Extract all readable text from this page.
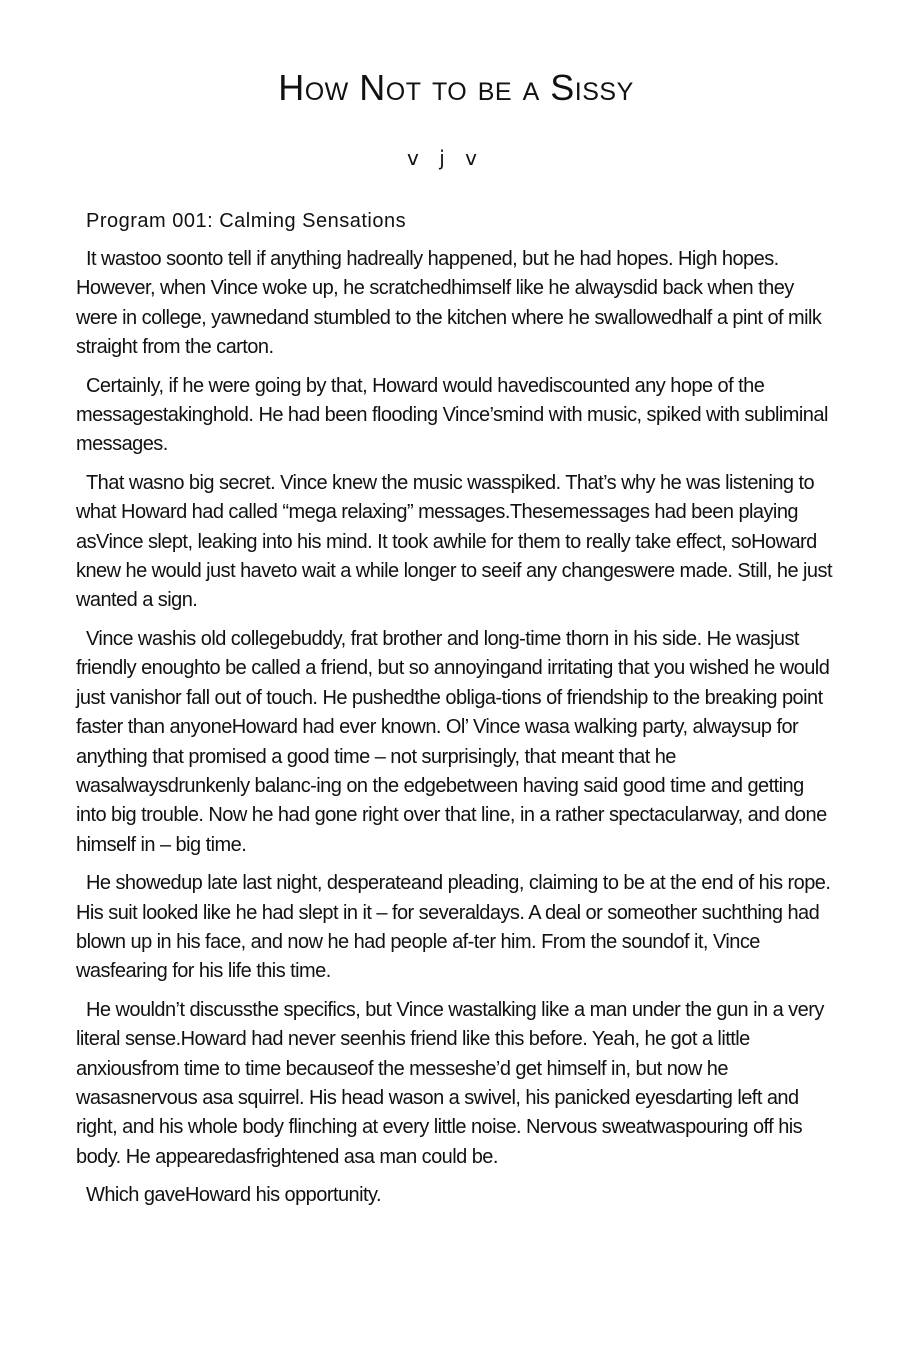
How Not to be a Sissy
v j v
Program 001: Calming Sensations

It wastoo soonto tell if anything hadreally happened, but he had hopes. High hopes. However, when Vince woke up, he scratchedhimself like he alwaysdid back when they were in college, yawnedand stumbled to the kitchen where he swallowedhalf a pint of milk straight from the carton.

Certainly, if he were going by that, Howard would havediscounted any hope of the messagestakinghold. He had been flooding Vince’smind with music, spiked with subliminal messages.

That wasno big secret. Vince knew the music wasspiked. That’s why he was listening to what Howard had called “mega relaxing” messages.Thesemessages had been playing asVince slept, leaking into his mind. It took awhile for them to really take effect, soHoward knew he would just haveto wait a while longer to seeif any changeswere made. Still, he just wanted a sign.

Vince washis old collegebuddy, frat brother and long-time thorn in his side. He wasjust friendly enoughto be called a friend, but so annoyingand irritating that you wished he would just vanishor fall out of touch. He pushedthe obliga-tions of friendship to the breaking point faster than anyoneHoward had ever known. Ol’ Vince wasa walking party, alwaysup for anything that promised a good time – not surprisingly, that meant that he wasalwaysdrunkenly balanc-ing on the edgebetween having said good time and getting into big trouble. Now he had gone right over that line, in a rather spectacularway, and done himself in – big time.

He showedup late last night, desperateand pleading, claiming to be at the end of his rope. His suit looked like he had slept in it – for severaldays. A deal or someother suchthing had blown up in his face, and now he had people af-ter him. From the soundof it, Vince wasfearing for his life this time.

He wouldn’t discussthe specifics, but Vince wastalking like a man under the gun in a very literal sense.Howard had never seenhis friend like this before. Yeah, he got a little anxiousfrom time to time becauseof the messeshe’d get himself in, but now he wasasnervous asa squirrel. His head wason a swivel, his panicked eyesdarting left and right, and his whole body flinching at every little noise. Nervous sweatwaspouring off his body. He appearedasfrightened asa man could be.

Which gaveHoward his opportunity.
